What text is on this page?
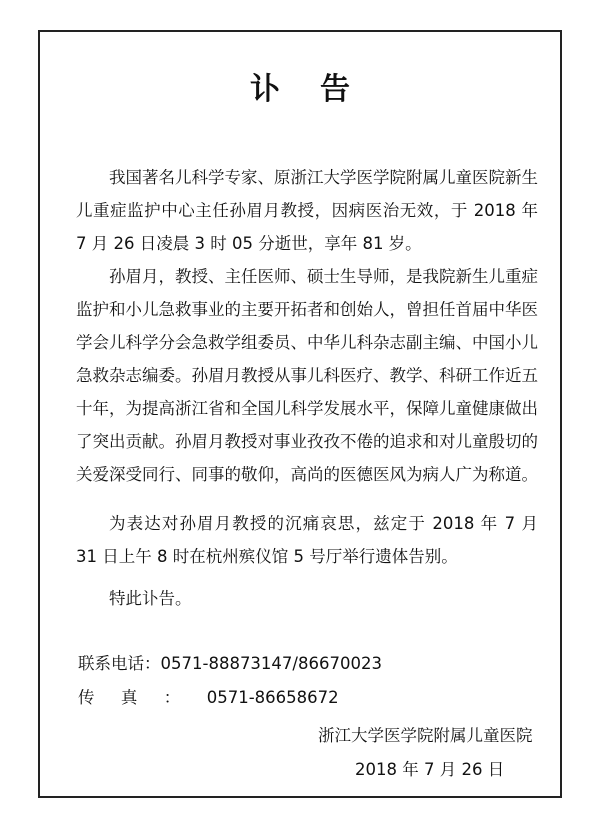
讣告

我国著名儿科学专家、原浙江大学医学院附属儿童医院新生儿重症监护中心主任孙眉月教授，因病医治无效，于 2018 年 7 月 26 日凌晨 3 时 05 分逝世，享年 81 岁。

孙眉月，教授、主任医师、硕士生导师，是我院新生儿重症监护和小儿急救事业的主要开拓者和创始人，曾担任首届中华医学会儿科学分会急救学组委员、中华儿科杂志副主编、中国小儿急救杂志编委。孙眉月教授从事儿科医疗、教学、科研工作近五十年，为提高浙江省和全国儿科学发展水平，保障儿童健康做出了突出贡献。孙眉月教授对事业孜孜不倦的追求和对儿童殷切的关爱深受同行、同事的敬仰，高尚的医德医风为病人广为称道。

为表达对孙眉月教授的沉痛哀思，兹定于 2018 年 7 月 31 日上午 8 时在杭州殡仪馆 5 号厅举行遗体告别。

特此讣告。

联系电话：0571-88873147/86670023
传真：0571-86658672
浙江大学医学院附属儿童医院
2018 年 7 月 26 日
